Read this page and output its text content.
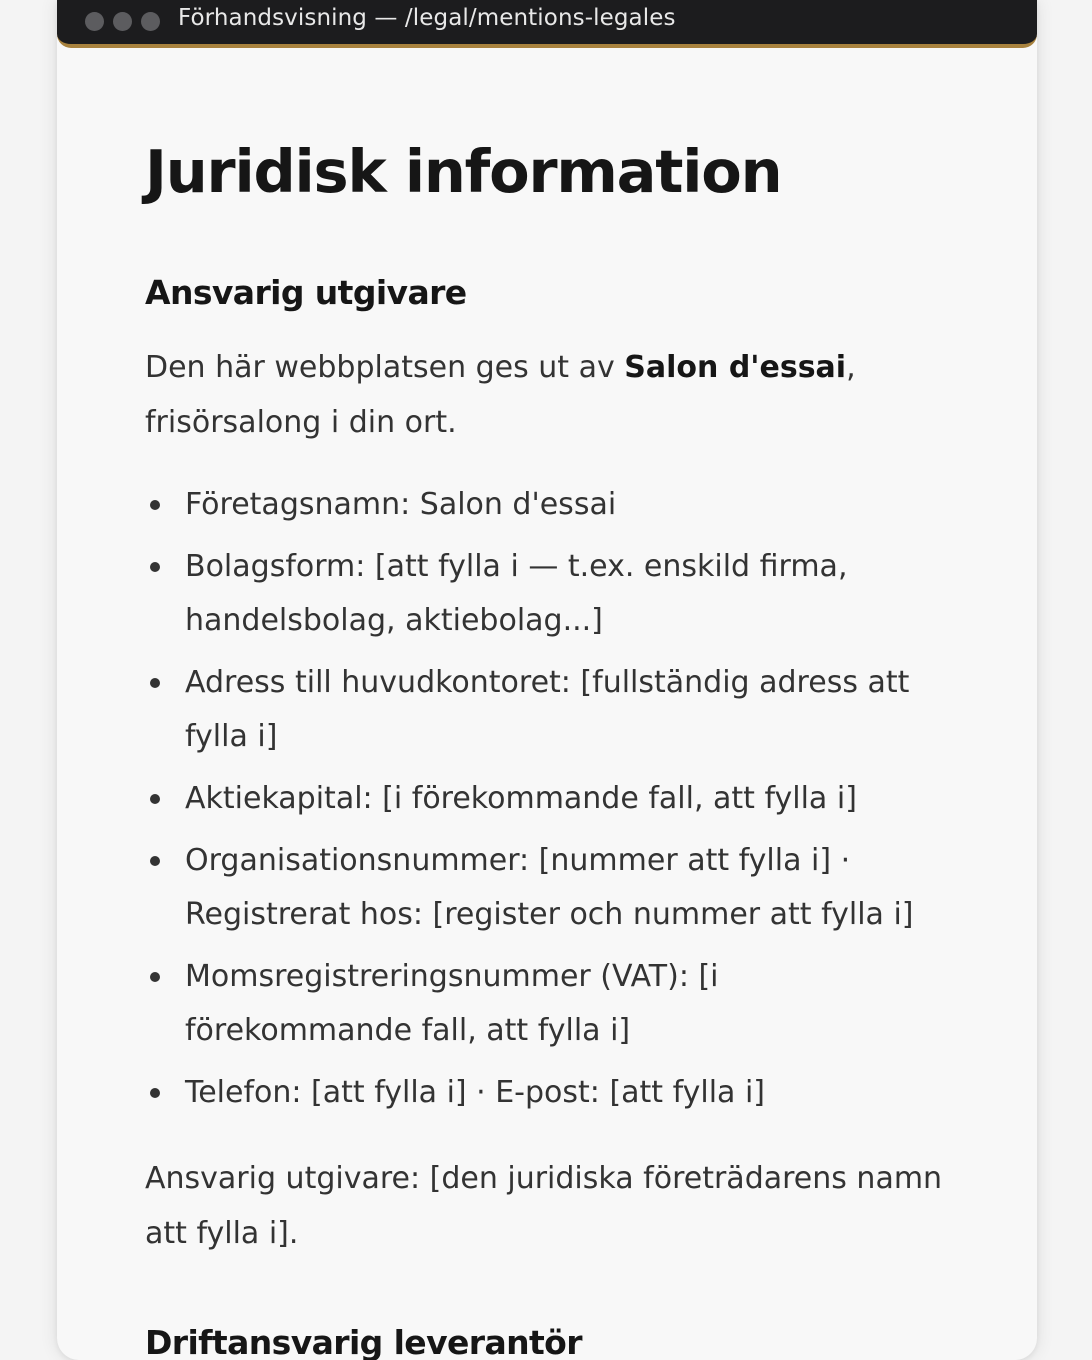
Förhandsvisning — /legal/mentions-legales
Juridisk information
Ansvarig utgivare

Den här webbplatsen ges ut av Salon d'essai, frisörsalong i din ort.

Företagsnamn: Salon d'essai
Bolagsform: [att fylla i — t.ex. enskild firma, handelsbolag, aktiebolag...]
Adress till huvudkontoret: [fullständig adress att fylla i]
Aktiekapital: [i förekommande fall, att fylla i]
Organisationsnummer: [nummer att fylla i] · Registrerat hos: [register och nummer att fylla i]
Momsregistreringsnummer (VAT): [i förekommande fall, att fylla i]
Telefon: [att fylla i] · E-post: [att fylla i]

Ansvarig utgivare: [den juridiska företrädarens namn att fylla i].

Driftansvarig leverantör
